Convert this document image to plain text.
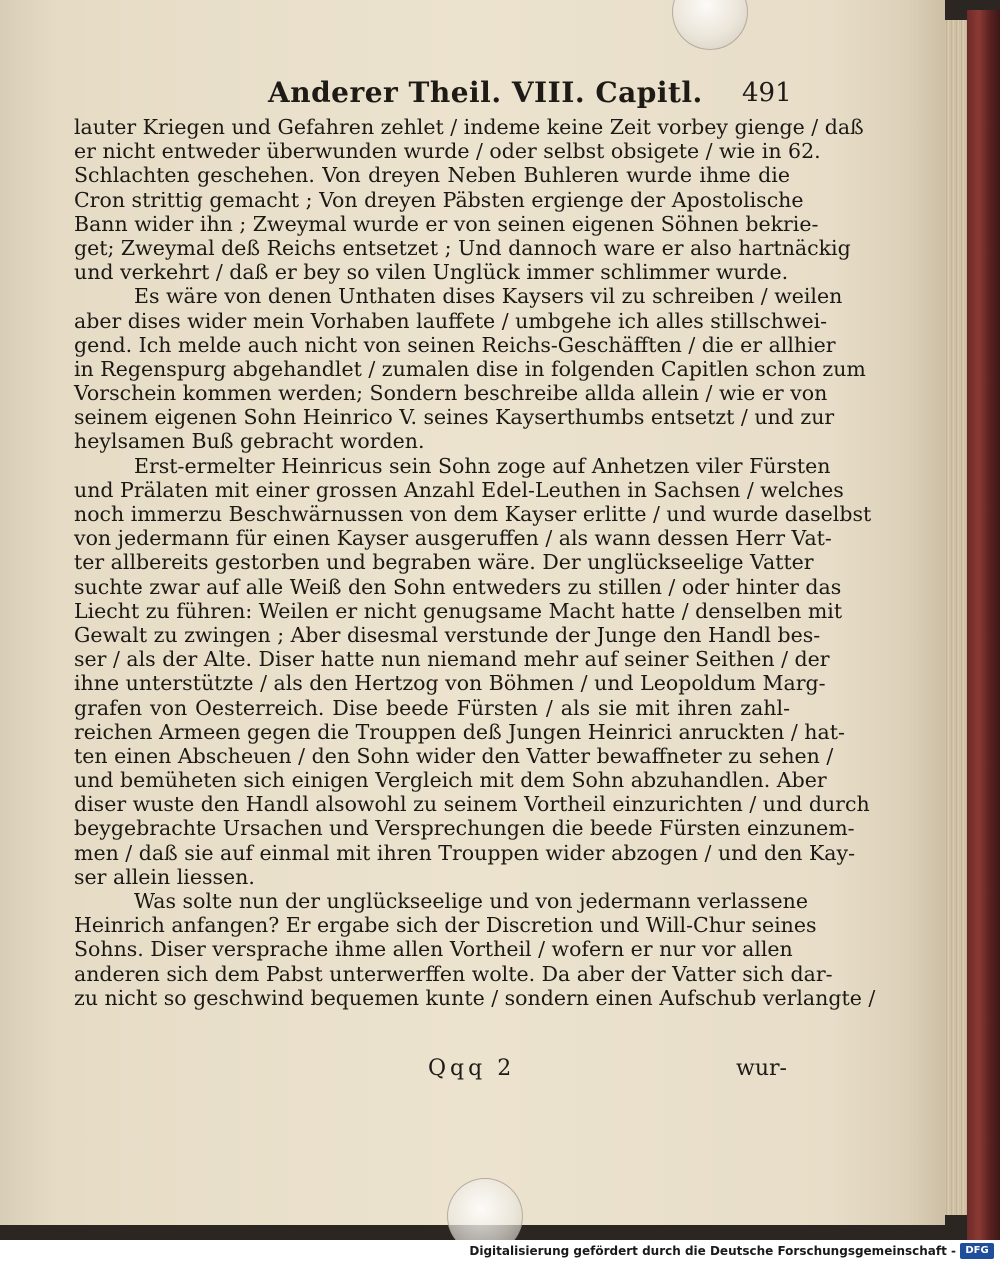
Anderer Theil. VIII. Capitl. 491
lauter Kriegen und Gefahren zehlet / indeme keine Zeit vorbey gienge / daß
er nicht entweder überwunden wurde / oder selbst obsigete / wie in 62.
Schlachten geschehen. Von dreyen Neben Buhleren wurde ihme die
Cron strittig gemacht ; Von dreyen Päbsten ergienge der Apostolische
Bann wider ihn ; Zweymal wurde er von seinen eigenen Söhnen bekrie-
get; Zweymal deß Reichs entsetzet ; Und dannoch ware er also hartnäckig
und verkehrt / daß er bey so vilen Unglück immer schlimmer wurde.
Es wäre von denen Unthaten dises Kaysers vil zu schreiben / weilen
aber dises wider mein Vorhaben lauffete / umbgehe ich alles stillschwei-
gend. Ich melde auch nicht von seinen Reichs-Geschäfften / die er allhier
in Regenspurg abgehandlet / zumalen dise in folgenden Capitlen schon zum
Vorschein kommen werden; Sondern beschreibe allda allein / wie er von
seinem eigenen Sohn Heinrico V. seines Kayserthumbs entsetzt / und zur
heylsamen Buß gebracht worden.
Erst-ermelter Heinricus sein Sohn zoge auf Anhetzen viler Fürsten
und Prälaten mit einer grossen Anzahl Edel-Leuthen in Sachsen / welches
noch immerzu Beschwärnussen von dem Kayser erlitte / und wurde daselbst
von jedermann für einen Kayser ausgeruffen / als wann dessen Herr Vat-
ter allbereits gestorben und begraben wäre. Der unglückseelige Vatter
suchte zwar auf alle Weiß den Sohn entweders zu stillen / oder hinter das
Liecht zu führen: Weilen er nicht genugsame Macht hatte / denselben mit
Gewalt zu zwingen ; Aber disesmal verstunde der Junge den Handl bes-
ser / als der Alte. Diser hatte nun niemand mehr auf seiner Seithen / der
ihne unterstützte / als den Hertzog von Böhmen / und Leopoldum Marg-
grafen von Oesterreich. Dise beede Fürsten / als sie mit ihren zahl-
reichen Armeen gegen die Trouppen deß Jungen Heinrici anruckten / hat-
ten einen Abscheuen / den Sohn wider den Vatter bewaffneter zu sehen /
und bemüheten sich einigen Vergleich mit dem Sohn abzuhandlen. Aber
diser wuste den Handl alsowohl zu seinem Vortheil einzurichten / und durch
beygebrachte Ursachen und Versprechungen die beede Fürsten einzunem-
men / daß sie auf einmal mit ihren Trouppen wider abzogen / und den Kay-
ser allein liessen.
Was solte nun der unglückseelige und von jedermann verlassene
Heinrich anfangen? Er ergabe sich der Discretion und Will-Chur seines
Sohns. Diser versprache ihme allen Vortheil / wofern er nur vor allen
anderen sich dem Pabst unterwerffen wolte. Da aber der Vatter sich dar-
zu nicht so geschwind bequemen kunte / sondern einen Aufschub verlangte /
Qqq 2	wur-
Digitalisierung gefördert durch die Deutsche Forschungsgemeinschaft - DFG
